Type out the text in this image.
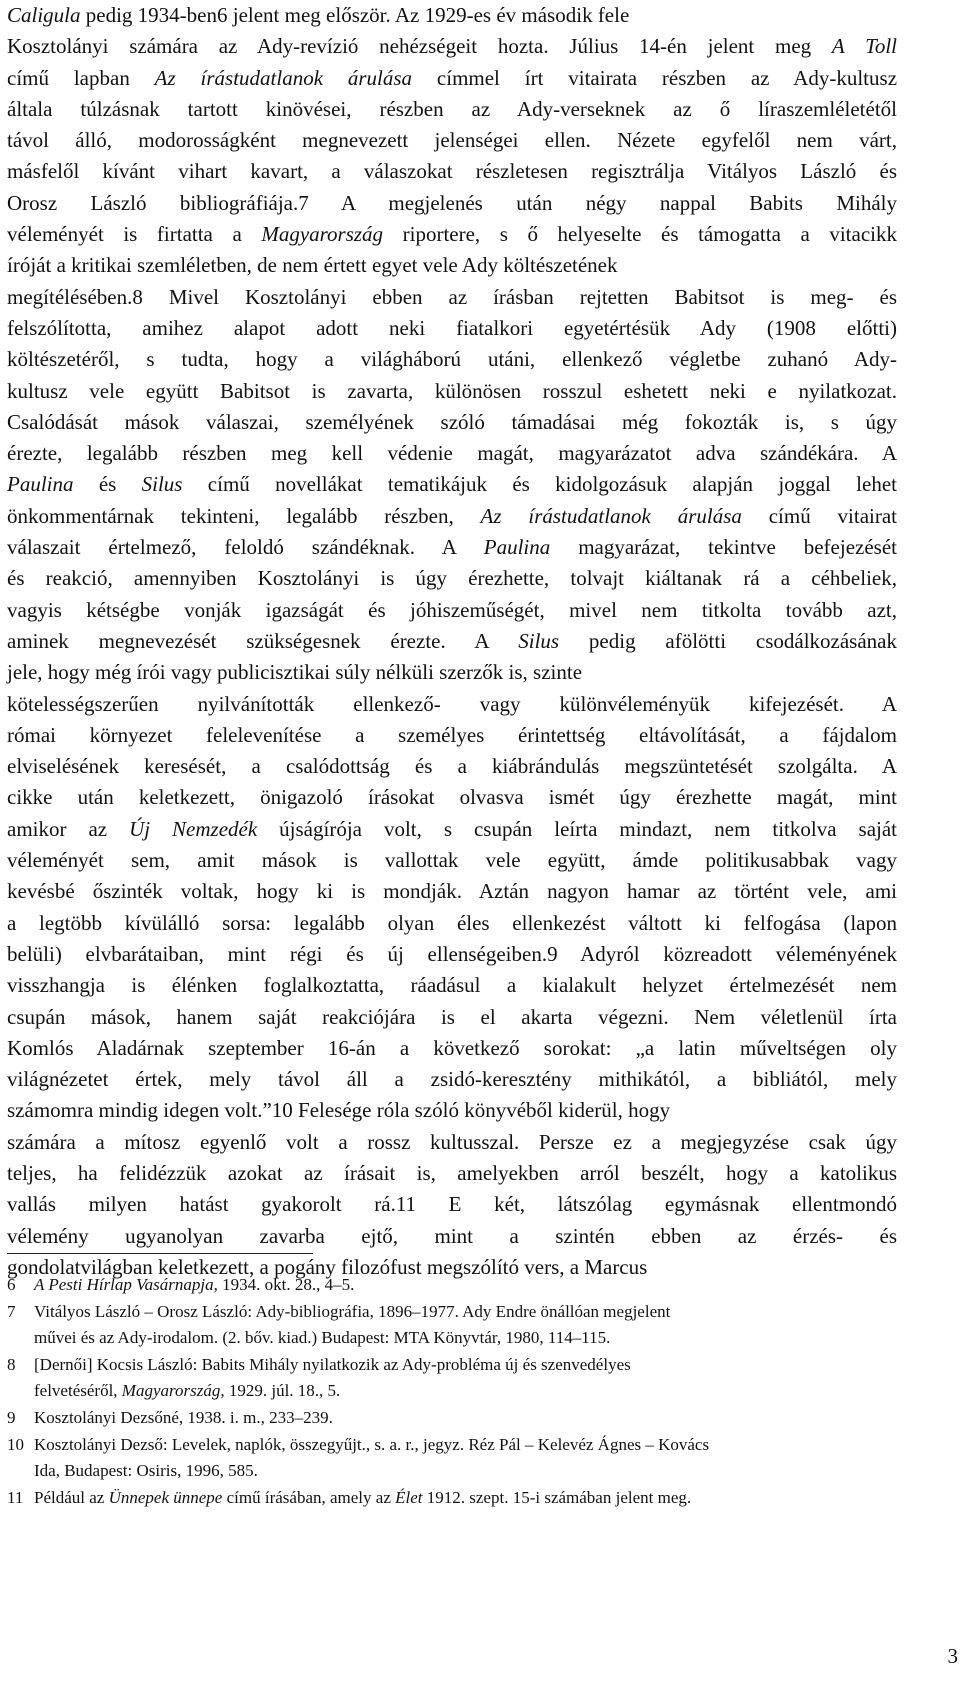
Caligula pedig 1934-ben6 jelent meg először. Az 1929-es év második fele
Kosztolányi számára az Ady-revízió nehézségeit hozta. Július 14-én jelent meg A Toll
című lapban Az írástudatlanok árulása címmel írt vitairata részben az Ady-kultusz
általa túlzásnak tartott kinövései, részben az Ady-verseknek az ő líraszemléletétől
távol álló, modorosságként megnevezett jelenségei ellen. Nézete egyfelől nem várt,
másfelől kívánt vihart kavart, a válaszokat részletesen regisztrálja Vitályos László és
Orosz László bibliográfiája.7 A megjelenés után négy nappal Babits Mihály
véleményét is firtatta a Magyarország riportere, s ő helyeselte és támogatta a vitacikk
íróját a kritikai szemléletben, de nem értett egyet vele Ady költészetének
megítélésében.8 Mivel Kosztolányi ebben az írásban rejtetten Babitsot is meg- és
felszólította, amihez alapot adott neki fiatalkori egyetértésük Ady (1908 előtti)
költészetéről, s tudta, hogy a világháború utáni, ellenkező végletbe zuhanó Ady-
kultusz vele együtt Babitsot is zavarta, különösen rosszul eshetett neki e nyilatkozat.
Csalódását mások válaszai, személyének szóló támadásai még fokozták is, s úgy
érezte, legalább részben meg kell védenie magát, magyarázatot adva szándékára. A
Paulina és Silus című novellákat tematikájuk és kidolgozásuk alapján joggal lehet
önkommentárnak tekinteni, legalább részben, Az írástudatlanok árulása című vitairat
válaszait értelmező, feloldó szándéknak. A Paulina magyarázat, tekintve befejezését
és reakció, amennyiben Kosztolányi is úgy érezhette, tolvajt kiáltanak rá a céhbeliek,
vagyis kétségbe vonják igazságát és jóhiszeműségét, mivel nem titkolta tovább azt,
aminek megnevezését szükségesnek érezte. A Silus pedig afölötti csodálkozásának
jele, hogy még írói vagy publicisztikai súly nélküli szerzők is, szinte
kötelességszerűen nyilvánították ellenkező- vagy különvéleményük kifejezését. A
római környezet felelevenítése a személyes érintettség eltávolítását, a fájdalom
elviselésének keresését, a csalódottság és a kiábrándulás megszüntetését szolgálta. A
cikke után keletkezett, önigazoló írásokat olvasva ismét úgy érezhette magát, mint
amikor az Új Nemzedék újságírója volt, s csupán leírta mindazt, nem titkolva saját
véleményét sem, amit mások is vallottak vele együtt, ámde politikusabbak vagy
kevésbé őszinték voltak, hogy ki is mondják. Aztán nagyon hamar az történt vele, ami
a legtöbb kívülálló sorsa: legalább olyan éles ellenkezést váltott ki felfogása (lapon
belüli) elvbarátaiban, mint régi és új ellenségeiben.9 Adyról közreadott véleményének
visszhangja is élénken foglalkoztatta, ráadásul a kialakult helyzet értelmezését nem
csupán mások, hanem saját reakciójára is el akarta végezni. Nem véletlenül írta
Komlós Aladárnak szeptember 16-án a következő sorokat: „a latin műveltségen oly
világnézetet értek, mely távol áll a zsidó-keresztény mithikától, a bibliától, mely
számomra mindig idegen volt.”10 Felesége róla szóló könyvéből kiderül, hogy
számára a mítosz egyenlő volt a rossz kultusszal. Persze ez a megjegyzése csak úgy
teljes, ha felidézzük azokat az írásait is, amelyekben arról beszélt, hogy a katolikus
vallás milyen hatást gyakorolt rá.11 E két, látszólag egymásnak ellentmondó
vélemény ugyanolyan zavarba ejtő, mint a szintén ebben az érzés- és
gondolatvilágban keletkezett, a pogány filozófust megszólító vers, a Marcus
6 A Pesti Hírlap Vasárnapja, 1934. okt. 28., 4–5.
7 Vitályos László – Orosz László: Ady-bibliográfia, 1896–1977. Ady Endre önállóan megjelent
művei és az Ady-irodalom. (2. bőv. kiad.) Budapest: MTA Könyvtár, 1980, 114–115.
8 [Dernői] Kocsis László: Babits Mihály nyilatkozik az Ady-probléma új és szenvedélyes
felvetéséről, Magyarország, 1929. júl. 18., 5.
9 Kosztolányi Dezsőné, 1938. i. m., 233–239.
10 Kosztolányi Dezső: Levelek, naplók, összegyűjt., s. a. r., jegyz. Réz Pál – Kelevéz Ágnes – Kovács
Ida, Budapest: Osiris, 1996, 585.
11 Például az Ünnepek ünnepe című írásában, amely az Élet 1912. szept. 15-i számában jelent meg.
3
